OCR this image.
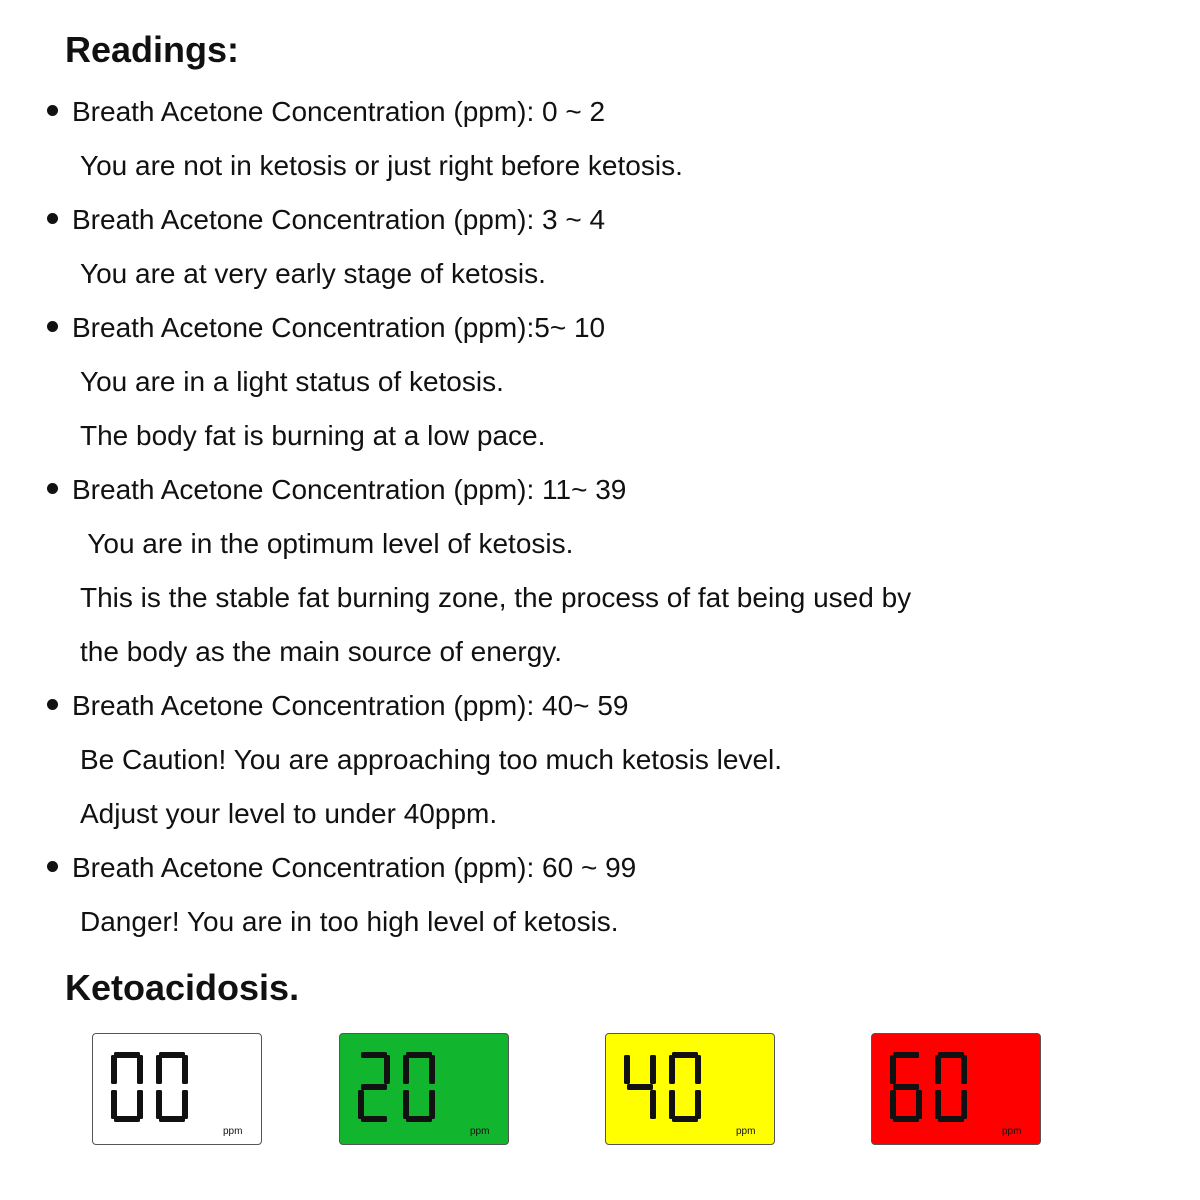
Readings:
Breath Acetone Concentration (ppm): 0 ~ 2

You are not in ketosis or just right before ketosis.

Breath Acetone Concentration (ppm): 3 ~ 4

You are at very early stage of ketosis.

Breath Acetone Concentration (ppm):5~ 10

You are in a light status of ketosis.

The body fat is burning at a low pace.

Breath Acetone Concentration (ppm): 11~ 39

You are in the optimum level of ketosis.

This is the stable fat burning zone, the process of fat being used by

the body as the main source of energy.

Breath Acetone Concentration (ppm): 40~ 59

Be Caution! You are approaching too much ketosis level.

Adjust your level to under 40ppm.

Breath Acetone Concentration (ppm): 60 ~ 99

Danger! You are in too high level of ketosis.

Ketoacidosis.
ppm	ppm	ppm	ppm
